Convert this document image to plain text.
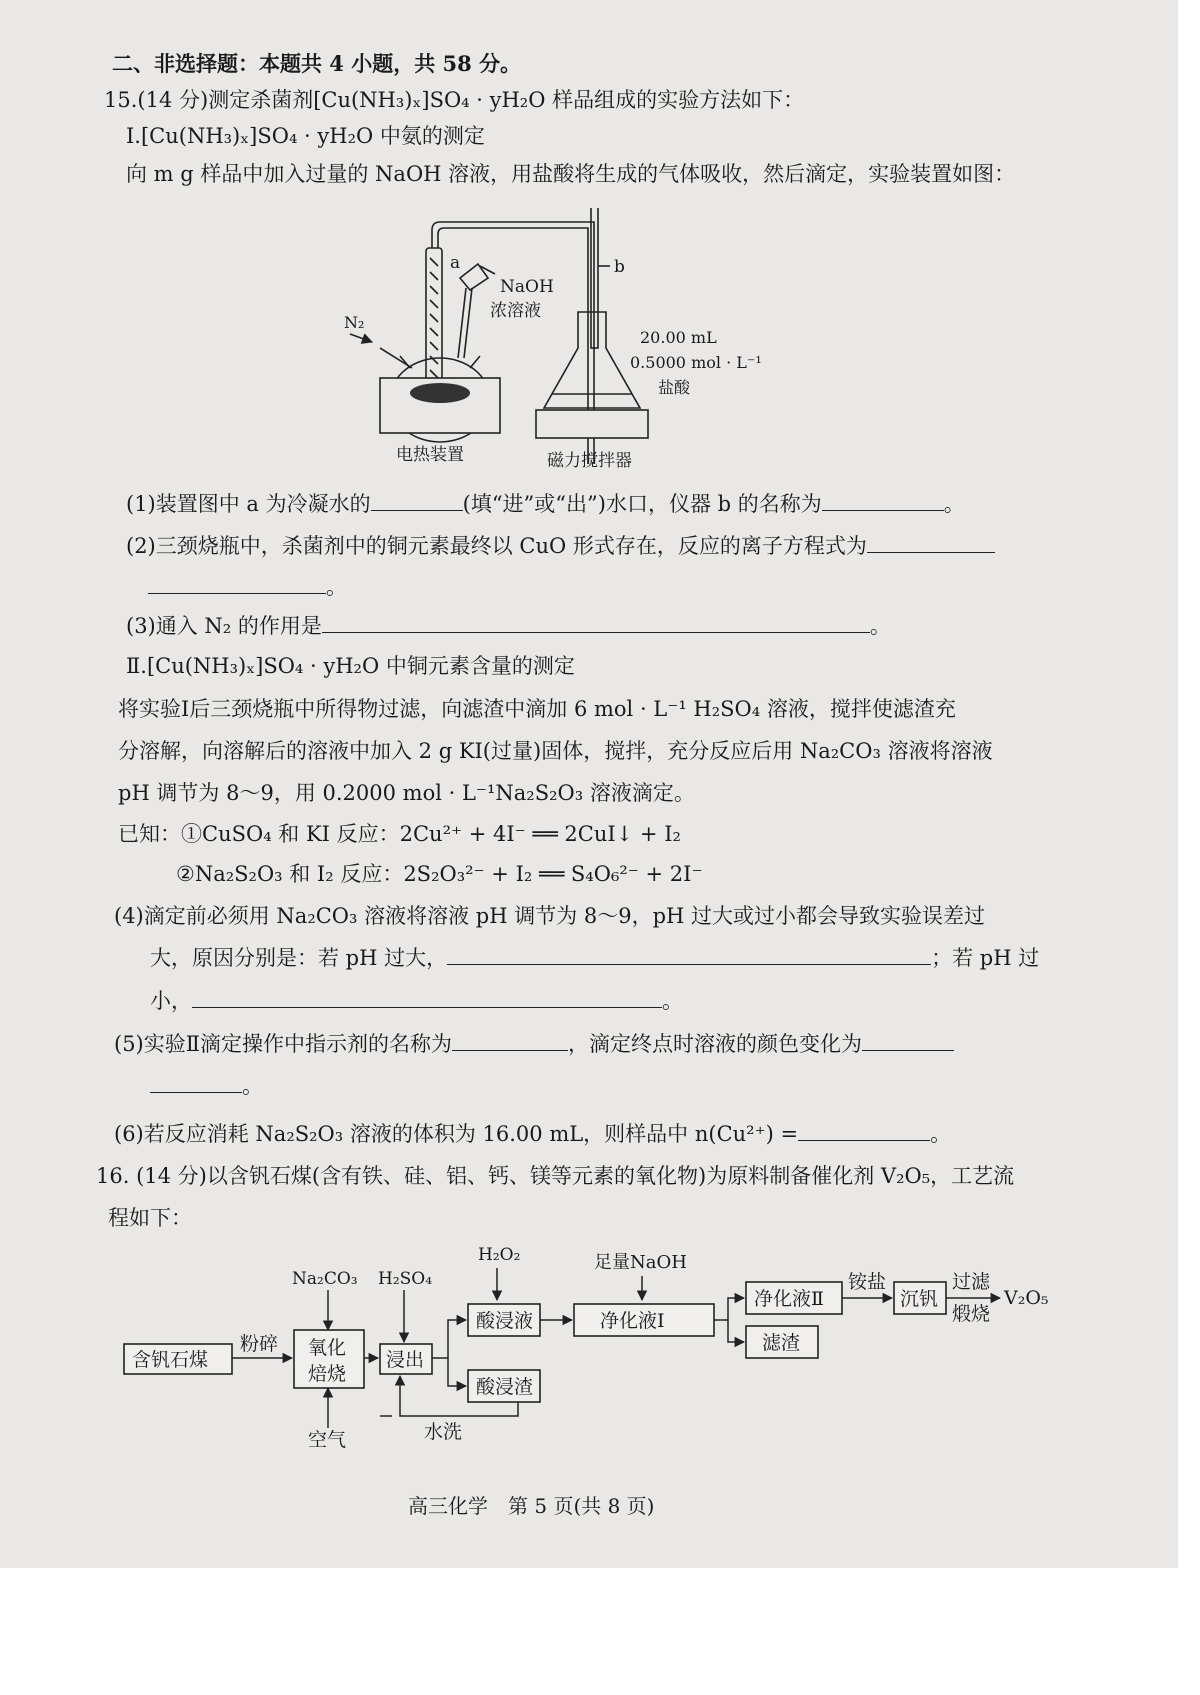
二、非选择题：本题共 4 小题，共 58 分。
15.(14 分)测定杀菌剂[Cu(NH₃)ₓ]SO₄ · yH₂O 样品组成的实验方法如下：
Ⅰ.[Cu(NH₃)ₓ]SO₄ · yH₂O 中氨的测定
向 m g 样品中加入过量的 NaOH 溶液，用盐酸将生成的气体吸收，然后滴定，实验装置如图：
a	b
N₂
NaOH
浓溶液
20.00 mL
0.5000 mol · L⁻¹
盐酸
电热装置	磁力搅拌器
(1)装置图中 a 为冷凝水的	(填“进”或“出”)水口，仪器 b 的名称为	。
(2)三颈烧瓶中，杀菌剂中的铜元素最终以 CuO 形式存在，反应的离子方程式为
。
(3)通入 N₂ 的作用是	。
Ⅱ.[Cu(NH₃)ₓ]SO₄ · yH₂O 中铜元素含量的测定
将实验Ⅰ后三颈烧瓶中所得物过滤，向滤渣中滴加 6 mol · L⁻¹ H₂SO₄ 溶液，搅拌使滤渣充
分溶解，向溶解后的溶液中加入 2 g KI(过量)固体，搅拌，充分反应后用 Na₂CO₃ 溶液将溶液
pH 调节为 8～9，用 0.2000 mol · L⁻¹Na₂S₂O₃ 溶液滴定。
已知：①CuSO₄ 和 KI 反应：2Cu²⁺ + 4I⁻ ══ 2CuI↓ + I₂
②Na₂S₂O₃ 和 I₂ 反应：2S₂O₃²⁻ + I₂ ══ S₄O₆²⁻ + 2I⁻
(4)滴定前必须用 Na₂CO₃ 溶液将溶液 pH 调节为 8～9，pH 过大或过小都会导致实验误差过
大，原因分别是：若 pH 过大，	；若 pH 过
小，	。
(5)实验Ⅱ滴定操作中指示剂的名称为	，滴定终点时溶液的颜色变化为
。
(6)若反应消耗 Na₂S₂O₃ 溶液的体积为 16.00 mL，则样品中 n(Cu²⁺) =	。
16. (14 分)以含钒石煤(含有铁、硅、铝、钙、镁等元素的氧化物)为原料制备催化剂 V₂O₅，工艺流
程如下：
含钒石煤
粉碎
Na₂CO₃
氧化
焙烧
空气
H₂SO₄
浸出
H₂O₂
酸浸液
酸浸渣
水洗
足量NaOH
净化液Ⅰ
净化液Ⅱ
滤渣
铵盐
沉钒
过滤
煅烧
V₂O₅
高三化学　第 5 页(共 8 页)
